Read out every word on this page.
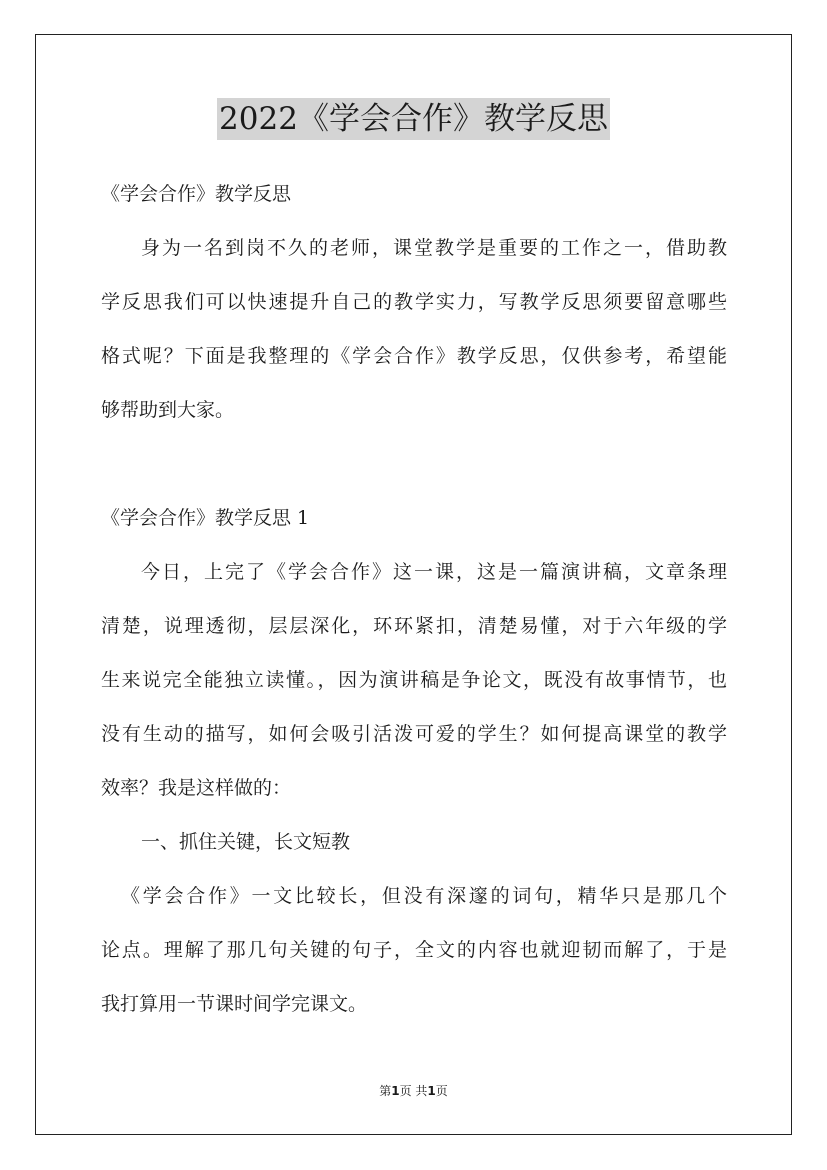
2022《学会合作》教学反思
《学会合作》教学反思
身为一名到岗不久的老师，课堂教学是重要的工作之一，借助教
学反思我们可以快速提升自己的教学实力，写教学反思须要留意哪些
格式呢？下面是我整理的《学会合作》教学反思，仅供参考，希望能
够帮助到大家。
《学会合作》教学反思 1
今日，上完了《学会合作》这一课，这是一篇演讲稿，文章条理
清楚，说理透彻，层层深化，环环紧扣，清楚易懂，对于六年级的学
生来说完全能独立读懂。，因为演讲稿是争论文，既没有故事情节，也
没有生动的描写，如何会吸引活泼可爱的学生？如何提高课堂的教学
效率？我是这样做的：
一、抓住关键，长文短教
《学会合作》一文比较长，但没有深邃的词句，精华只是那几个
论点。理解了那几句关键的句子，全文的内容也就迎韧而解了，于是
我打算用一节课时间学完课文。
第1页 共1页
